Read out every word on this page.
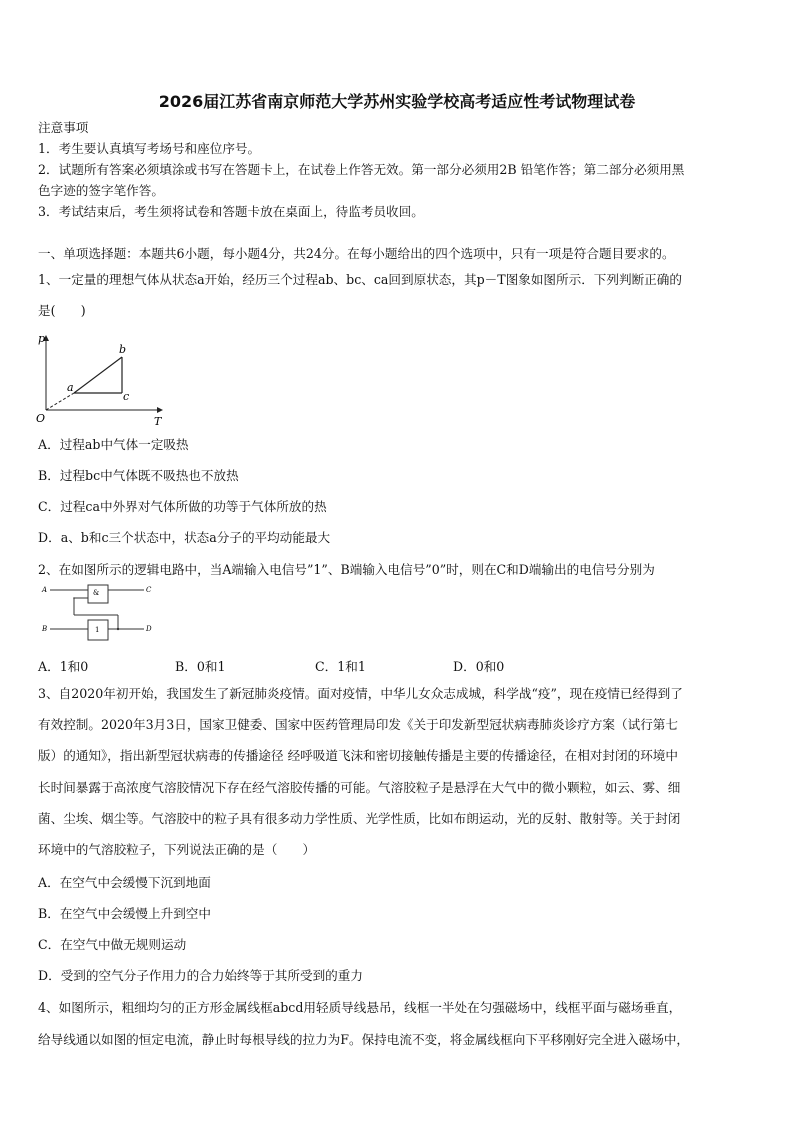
2026届江苏省南京师范大学苏州实验学校高考适应性考试物理试卷
注意事项
1．考生要认真填写考场号和座位序号。
2．试题所有答案必须填涂或书写在答题卡上，在试卷上作答无效。第一部分必须用2B 铅笔作答；第二部分必须用黑
色字迹的签字笔作答。
3．考试结束后，考生须将试卷和答题卡放在桌面上，待监考员收回。
一、单项选择题：本题共6小题，每小题4分，共24分。在每小题给出的四个选项中，只有一项是符合题目要求的。
1、一定量的理想气体从状态a开始，经历三个过程ab、bc、ca回到原状态，其p－T图象如图所示．下列判断正确的
是(　　)
p
T
O
a
b
c
A．过程ab中气体一定吸热
B．过程bc中气体既不吸热也不放热
C．过程ca中外界对气体所做的功等于气体所放的热
D．a、b和c三个状态中，状态a分子的平均动能最大
2、在如图所示的逻辑电路中，当A端输入电信号”1”、B端输入电信号”0”时，则在C和D端输出的电信号分别为
A
B
C
D
&
1
A．1和0	B．0和1	C．1和1	D．0和0
3、自2020年初开始，我国发生了新冠肺炎疫情。面对疫情，中华儿女众志成城，科学战“疫”，现在疫情已经得到了
有效控制。2020年3月3日，国家卫健委、国家中医药管理局印发《关于印发新型冠状病毒肺炎诊疗方案（试行第七
版）的通知》，指出新型冠状病毒的传播途径 经呼吸道飞沫和密切接触传播是主要的传播途径，在相对封闭的环境中
长时间暴露于高浓度气溶胶情况下存在经气溶胶传播的可能。气溶胶粒子是悬浮在大气中的微小颗粒，如云、雾、细
菌、尘埃、烟尘等。气溶胶中的粒子具有很多动力学性质、光学性质，比如布朗运动，光的反射、散射等。关于封闭
环境中的气溶胶粒子，下列说法正确的是（　　）
A．在空气中会缓慢下沉到地面
B．在空气中会缓慢上升到空中
C．在空气中做无规则运动
D．受到的空气分子作用力的合力始终等于其所受到的重力
4、如图所示，粗细均匀的正方形金属线框abcd用轻质导线悬吊，线框一半处在匀强磁场中，线框平面与磁场垂直，
给导线通以如图的恒定电流，静止时每根导线的拉力为F。保持电流不变，将金属线框向下平移刚好完全进入磁场中，
